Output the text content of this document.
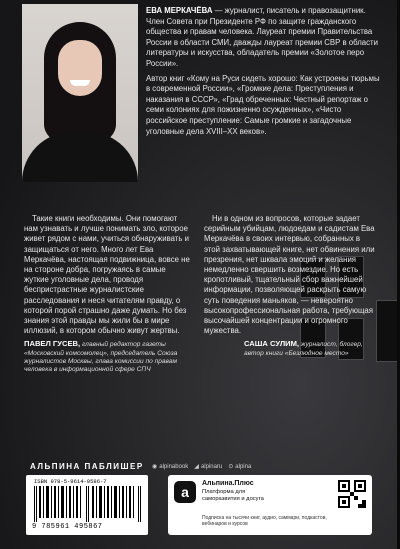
ЕВА МЕРКАЧЁВА — журналист, писатель и правозащитник. Член Совета при Президенте РФ по защите гражданского общества и правам человека. Лауреат премии Правительства России в области СМИ, дважды лауреат премии СВР в области литературы и искусства, обладатель премии «Золотое перо России».

Автор книг «Кому на Руси сидеть хорошо: Как устроены тюрьмы в современной России», «Громкие дела: Преступления и наказания в СССР», «Град обреченных: Честный репортаж о семи колониях для пожизненно осужденных», «Чисто российское преступление: Самые громкие и загадочные уголовные дела XVIII–XX веков».

Такие книги необходимы. Они помогают нам узнавать и лучше понимать зло, которое живет рядом с нами, учиться обнаруживать и защищаться от него. Много лет Ева Меркачёва, настоящая подвижница, вовсе не на стороне добра, погружаясь в самые жуткие уголовные дела, проводя беспристрастные журналистские расследования и неся читателям правду, о которой порой страшно даже думать. Но без знания этой правды мы жили бы в мире иллюзий, в котором обычно живут жертвы.

ПАВЕЛ ГУСЕВ, главный редактор газеты «Московский комсомолец», председатель Союза журналистов Москвы, глава комиссии по правам человека в информационной сфере СПЧ

Ни в одном из вопросов, которые задает серийным убийцам, людоедам и садистам Ева Меркачёва в своих интервью, собранных в этой захватывающей книге, нет обвинения или презрения, нет шквала эмоций и желания немедленно свершить возмездие. Но есть кропотливый, тщательный сбор важнейшей информации, позволяющей раскрыть самую суть поведения маньяков, — невероятно высокопрофессиональная работа, требующая высочайшей концентрации и огромного мужества.

САША СУЛИМ, журналист, блогер, автор книги «Безлюдное место»
АЛЬПИНА ПАБЛИШЕР ◉ alpinabook ◢ alpinaru ⊙ alpina
ISBN 978-5-9614-9586-7
9 785961 495867
a
Альпина.Плюс
Платформа для саморазвития и досуга
Подписка на тысячи книг, аудио, саммари, подкастов, вебинаров и курсов
